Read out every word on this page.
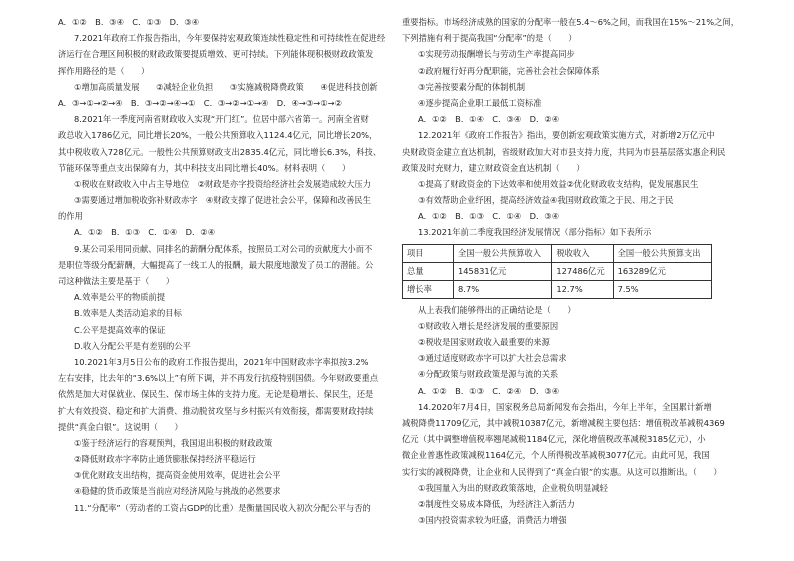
A．①②　B．③④　C．①③　D．③④
7.2021年政府工作报告指出，今年要保持宏观政策连续性稳定性和可持续性在促进经
济运行在合理区间积极的财政政策要提质增效、更可持续。下列能体现积极财政政策发
挥作用路径的是（　　）
①增加高质量发展　　②减轻企业负担　　③实施减税降费政策　　④促进科技创新
A．③→①→②→④　B．③→②→④→①　C．③→②→①→④　D．④→③→①→②
8.2021年一季度河南省财政收入实现“开门红”。位居中部六省第一。河南全省财
政总收入1786亿元，同比增长20%，一般公共预算收入1124.4亿元，同比增长20%，
其中税收收入728亿元。一般性公共预算财政支出2835.4亿元，同比增长6.3%，科技、
节能环保等重点支出保障有力，其中科技支出同比增长40%。材料表明（　　）
①税收在财政收入中占主导地位　②财政是亦字投资给经济社会发展造成较大压力
③需要通过增加税收弥补财政赤字　④财政支撑了促进社会公平，保障和改善民生
的作用
A．①②　B．①③　C．①④　D．②④
9.某公司采用同贡献、同排名的薪酬分配体系，按照员工对公司的贡献度大小而不
是职位等级分配薪酬，大幅提高了一线工人的报酬，最大限度地激发了员工的潜能。公
司这种做法主要是基于（　　）
A.效率是公平的物质前提
B.效率是人类活动追求的目标
C.公平是提高效率的保证
D.收入分配公平是有差别的公平
10.2021年3月5日公布的政府工作报告提出，2021年中国财政赤字率拟按3.2%
左右安排，比去年的“3.6%以上”有所下调，并不再发行抗疫特别国债。今年财政要重点
依然是加大对保就业、保民生、保市场主体的支持力度。无论是稳增长、保民生，还是
扩大有效投资、稳定和扩大消费、推动脱贫攻坚与乡村振兴有效衔接，都需要财政持续
提供“真金白银”。这说明（　　）
①鉴于经济运行的容观预判，我国退出积极的财政政策
②降低财政赤字率防止通货膨胀保持经济平稳运行
③优化财政支出结构，提高资金使用效率，促进社会公平
④稳健的货币政策是当前应对经济风险与挑战的必然要求
11.“分配率”（劳动者的工资占GDP的比重）是衡量国民收入初次分配公平与否的
重要指标。市场经济成熟的国家的分配率一般在5.4～6%之间，而我国在15%～21%之间，
下列措施有利于提高我国“分配率”的是（　　）
①实现劳动报酬增长与劳动生产率提高同步
②政府履行好再分配职能，完善社会社会保障体系
③完善按要素分配的体制机制
④逐步提高企业职工最低工资标准
A．①②　B．①④　C．③④　D．②④
12.2021年《政府工作报告》指出，要创新宏观政策实施方式，对新增2万亿元中
央财政资金建立直达机制，省级财政加大对市县支持力度，共同为市县基层落实惠企利民
政策及时充财力，建立财政资金直达机制（　　）
①提高了财政资金的下达效率和使用效益②优化财政收支结构，促发展惠民生
③有效帮助企业纾困，提高经济效益④我国财政政策之于民、用之于民
A．①②　B．①③　C．①④　D．③④
13.2021年前二季度我国经济发展情况（部分指标）如下表所示
项目	全国一般公共预算收入	税收收入	全国一般公共预算支出
总量	145831亿元	127486亿元	163289亿元
增长率	8.7%	12.7%	7.5%
从上表我们能够得出的正确结论是（　　）
①财政收入增长是经济发展的重要原因
②税收是国家财政收入最重要的来源
③通过适度财政赤字可以扩大社会总需求
④分配政策与财政政策是源与流的关系
A．①②　B．①③　C．②④　D．③④
14.2020年7月4日，国家税务总局新闻发布会指出，今年上半年，全国累计新增
减税降费11709亿元，其中减税10387亿元，新增减税主要包括：增值税改革减税4369
亿元（其中调整增值税率翘尾减税1184亿元，深化增值税改革减税3185亿元），小
微企业普惠性政策减税1164亿元，个人所得税改革减税3077亿元。由此可见，我国
实行实的减税降费，让企业和人民得到了“真金白银”的实惠。从这可以推断出。（　　）
①我国量入为出的财政政策落地，企业税负明显减轻
②制度性交易成本降低，为经济注入新活力
③国内投资需求较为旺盛，消费活力增强
